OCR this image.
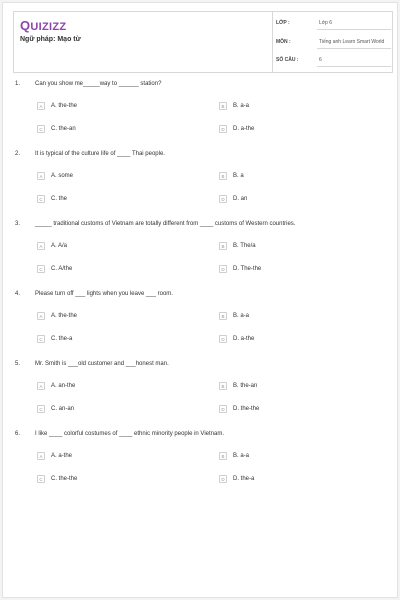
QUIZIZZ
Ngữ pháp: Mạo từ
LỚP :	Lớp 6
MÔN :	Tiếng anh Learn Smart World
SỐ CÂU :	6
1. Can you show me_____way to ______ station?
A	A. the-the	B	B. a-a
C	C. the-an	D	D. a-the
2. It is typical of the culture life of ____ Thai people.
A	A. some	B	B. a
C	C. the	D	D. an
3. _____ traditional customs of Vietnam are totally different from ____ customs of Western countries.
A	A. A/a	B	B. The/a
C	C. A/the	D	D. The-the
4. Please turn off ___ lights when you leave ___ room.
A	A. the-the	B	B. a-a
C	C. the-a	D	D. a-the
5. Mr. Smith is ___old customer and ___honest man.
A	A. an-the	B	B. the-an
C	C. an-an	D	D. the-the
6. I like ____ colorful costumes of ____ ethnic minority people in Vietnam.
A	A. a-the	B	B. a-a
C	C. the-the	D	D. the-a
